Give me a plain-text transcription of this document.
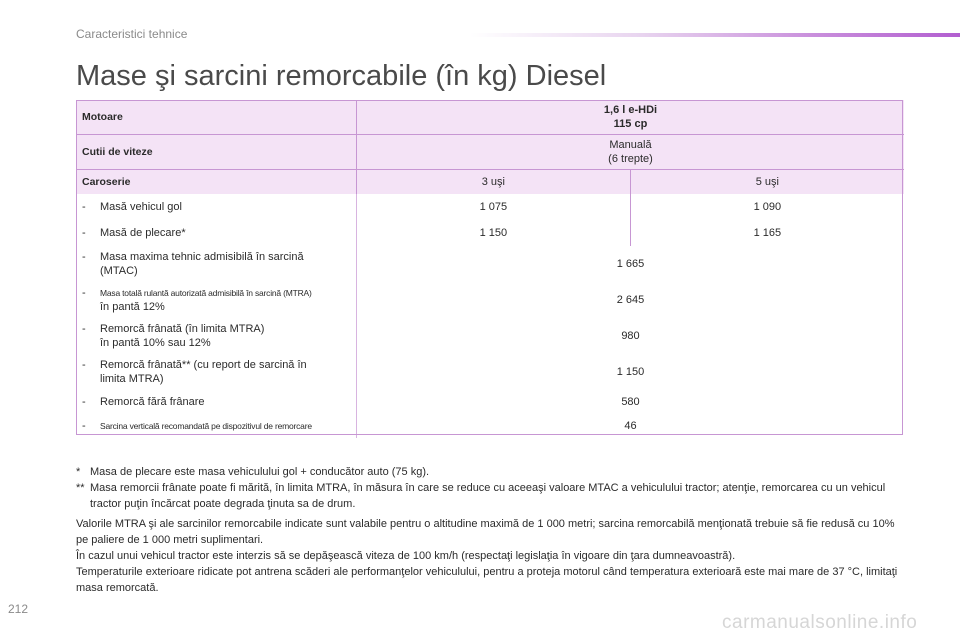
Caracteristici tehnice
Mase şi sarcini remorcabile (în kg) Diesel
Motoare	1,6 l e-HDi
115 cp	

Cutii de viteze	Manuală
(6 trepte)	

Caroserie	3 uşi	5 uşi

- Masă vehicul gol	1 075	1 090

- Masă de plecare*	1 150	1 165

- Masa maxima tehnic admisibilă în sarcină
(MTAC)	1 665	

- Masa totală rulantă autorizată admisibilă în sarcină (MTRA)
în pantă 12%	2 645	

- Remorcă frânată (în limita MTRA)
în pantă 10% sau 12%	980	

- Remorcă frânată** (cu report de sarcină în
limita MTRA)	1 150	

- Remorcă fără frânare	580	

- Sarcina verticală recomandată pe dispozitivul de remorcare	46	
* Masa de plecare este masa vehiculului gol + conducător auto (75 kg).
** Masa remorcii frânate poate fi mărită, în limita MTRA, în măsura în care se reduce cu aceeaşi valoare MTAC a vehiculului tractor; atenţie, remorcarea cu un vehicul tractor puţin încărcat poate degrada ţinuta sa de drum.

Valorile MTRA şi ale sarcinilor remorcabile indicate sunt valabile pentru o altitudine maximă de 1 000 metri; sarcina remorcabilă menţionată trebuie să fie redusă cu 10% pe paliere de 1 000 metri suplimentari.

În cazul unui vehicul tractor este interzis să se depăşească viteza de 100 km/h (respectaţi legislaţia în vigoare din ţara dumneavoastră).

Temperaturile exterioare ridicate pot antrena scăderi ale performanţelor vehiculului, pentru a proteja motorul când temperatura exterioară este mai mare de 37 °C, limitaţi masa remorcată.

212
carmanualsonline.info
